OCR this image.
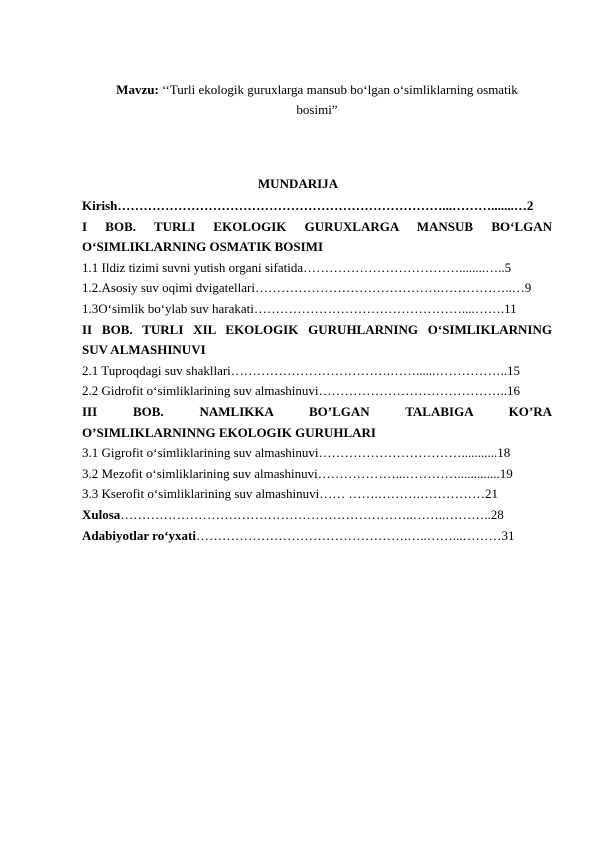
Mavzu: ‘‘Turli ekologik guruxlarga mansub bo‘lgan o‘simliklarning osmatik
bosimi”
MUNDARIJA
Kirish…………………………………………………………………...……….......…2
I BOB. TURLI EKOLOGIK GURUXLARGA MANSUB BO‘LGAN
O‘SIMLIKLARNING OSMATIK BOSIMI
1.1 Ildiz tizimi suvni yutish organi sifatida………………………………........…..5
1.2.Asosiy suv oqimi dvigatellari…………………………………….……………..…9
1.3O‘simlik bo‘ylab suv harakati…………………………………………....…….11
II BOB. TURLI XIL EKOLOGIK GURUHLARNING O‘SIMLIKLARNING
SUV ALMASHINUVI
2.1 Tuproqdagi suv shakllari……………………………….……......……………..15
2.2 Gidrofit o‘simliklarining suv almashinuvi……………………………………..16
III BOB. NAMLIKKA BO’LGAN TALABIGA KO’RA
O’SIMLIKLARNINNG EKOLOGIK GURUHLARI
3.1 Gigrofit o‘simliklarining suv almashinuvi……………………………...........18
3.2 Mezofit o‘simliklarining suv almashinuvi………………...………….............19
3.3 Kserofit o‘simliklarining suv almashinuvi…… …….……….……………21
Xulosa…………………………………………………………..……..………..28
Adabiyotlar ro‘yxati………………………………………….…..……...………31
